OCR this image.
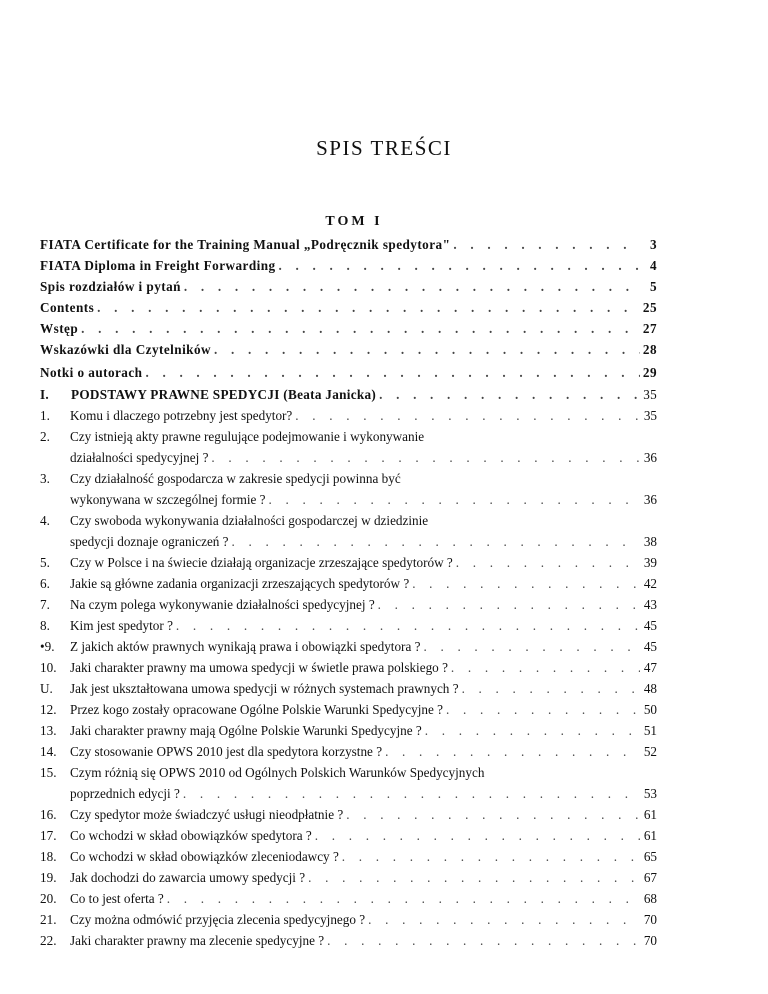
SPIS TREŚCI
TOM I
FIATA Certificate for the Training Manual „Podręcznik spedytora" . . .	3
FIATA Diploma in Freight Forwarding . . .	4
Spis rozdziałów i pytań . . .	5
Contents . . .	25
Wstęp . . .	27
Wskazówki dla Czytelników . . .	28
Notki o autorach . . .	29
I.	PODSTAWY PRAWNE SPEDYCJI (Beata Janicka) . . .	35
1.	Komu i dlaczego potrzebny jest spedytor? . . .	35
2.	Czy istnieją akty prawne regulujące podejmowanie i wykonywanie
działalności spedycyjnej ? . . .	36
3.	Czy działalność gospodarcza w zakresie spedycji powinna być
wykonywana w szczególnej formie ? . . .	36
4.	Czy swoboda wykonywania działalności gospodarczej w dziedzinie
spedycji doznaje ograniczeń ? . . .	38
5.	Czy w Polsce i na świecie działają organizacje zrzeszające spedytorów ? . . .	39
6.	Jakie są główne zadania organizacji zrzeszających spedytorów ? . . .	42
7.	Na czym polega wykonywanie działalności spedycyjnej ? . . .	43
8.	Kim jest spedytor ? . . .	45
•9.	Z jakich aktów prawnych wynikają prawa i obowiązki spedytora ? . . .	45
10.	Jaki charakter prawny ma umowa spedycji w świetle prawa polskiego ? . . .	47
U.	Jak jest ukształtowana umowa spedycji w różnych systemach prawnych ? . . .	48
12.	Przez kogo zostały opracowane Ogólne Polskie Warunki Spedycyjne ? . . .	50
13.	Jaki charakter prawny mają Ogólne Polskie Warunki Spedycyjne ? . . .	51
14.	Czy stosowanie OPWS 2010 jest dla spedytora korzystne ? . . .	52
15.	Czym różnią się OPWS 2010 od Ogólnych Polskich Warunków Spedycyjnych
poprzednich edycji ? . . .	53
16.	Czy spedytor może świadczyć usługi nieodpłatnie ? . . .	61
17.	Co wchodzi w skład obowiązków spedytora ? . . .	61
18.	Co wchodzi w skład obowiązków zleceniodawcy ? . . .	65
19.	Jak dochodzi do zawarcia umowy spedycji ? . . .	67
20.	Co to jest oferta ? . . .	68
21.	Czy można odmówić przyjęcia zlecenia spedycyjnego ? . . .	70
22.	Jaki charakter prawny ma zlecenie spedycyjne ? . . .	70
